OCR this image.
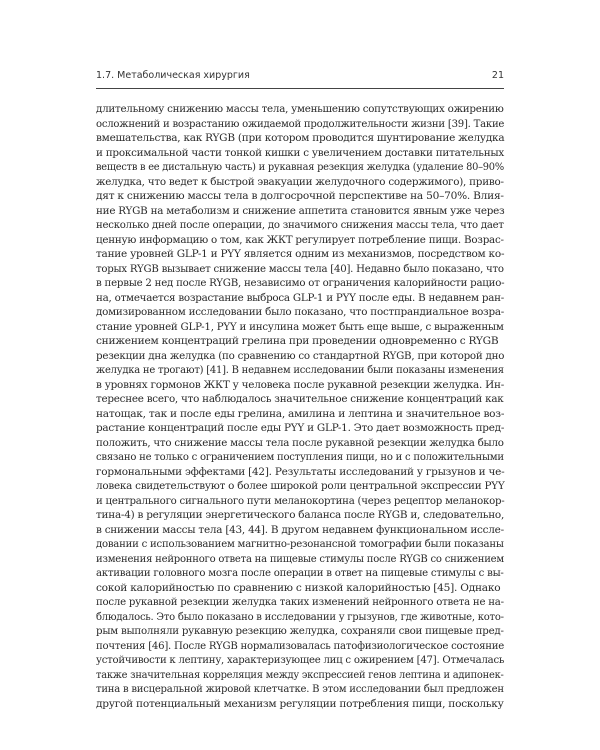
1.7. Метаболическая хирургия	21
длительному снижению массы тела, уменьшению сопутствующих ожирению
осложнений и возрастанию ожидаемой продолжительности жизни [39]. Такие
вмешательства, как RYGB (при котором проводится шунтирование желудка
и проксимальной части тонкой кишки с увеличением доставки питательных
веществ в ее дистальную часть) и рукавная резекция желудка (удаление 80–90%
желудка, что ведет к быстрой эвакуации желудочного содержимого), приво-
дят к снижению массы тела в долгосрочной перспективе на 50–70%. Влия-
ние RYGB на метаболизм и снижение аппетита становится явным уже через
несколько дней после операции, до значимого снижения массы тела, что дает
ценную информацию о том, как ЖКТ регулирует потребление пищи. Возрас-
тание уровней GLP-1 и PYY является одним из механизмов, посредством ко-
торых RYGB вызывает снижение массы тела [40]. Недавно было показано, что
в первые 2 нед после RYGB, независимо от ограничения калорийности рацио-
на, отмечается возрастание выброса GLP-1 и PYY после еды. В недавнем ран-
домизированном исследовании было показано, что постпрандиальное возра-
стание уровней GLP-1, PYY и инсулина может быть еще выше, с выраженным
снижением концентраций грелина при проведении одновременно с RYGB
резекции дна желудка (по сравнению со стандартной RYGB, при которой дно
желудка не трогают) [41]. В недавнем исследовании были показаны изменения
в уровнях гормонов ЖКТ у человека после рукавной резекции желудка. Ин-
тереснее всего, что наблюдалось значительное снижение концентраций как
натощак, так и после еды грелина, амилина и лептина и значительное воз-
растание концентраций после еды PYY и GLP-1. Это дает возможность пред-
положить, что снижение массы тела после рукавной резекции желудка было
связано не только с ограничением поступления пищи, но и с положительными
гормональными эффектами [42]. Результаты исследований у грызунов и че-
ловека свидетельствуют о более широкой роли центральной экспрессии PYY
и центрального сигнального пути меланокортина (через рецептор меланокор-
тина-4) в регуляции энергетического баланса после RYGB и, следовательно,
в снижении массы тела [43, 44]. В другом недавнем функциональном иссле-
довании с использованием магнитно-резонансной томографии были показаны
изменения нейронного ответа на пищевые стимулы после RYGB со снижением
активации головного мозга после операции в ответ на пищевые стимулы с вы-
сокой калорийностью по сравнению с низкой калорийностью [45]. Однако
после рукавной резекции желудка таких изменений нейронного ответа не на-
блюдалось. Это было показано в исследовании у грызунов, где животные, кото-
рым выполняли рукавную резекцию желудка, сохраняли свои пищевые пред-
почтения [46]. После RYGB нормализовалась патофизиологическое состояние
устойчивости к лептину, характеризующее лиц с ожирением [47]. Отмечалась
также значительная корреляция между экспрессией генов лептина и адипонек-
тина в висцеральной жировой клетчатке. В этом исследовании был предложен
другой потенциальный механизм регуляции потребления пищи, поскольку
